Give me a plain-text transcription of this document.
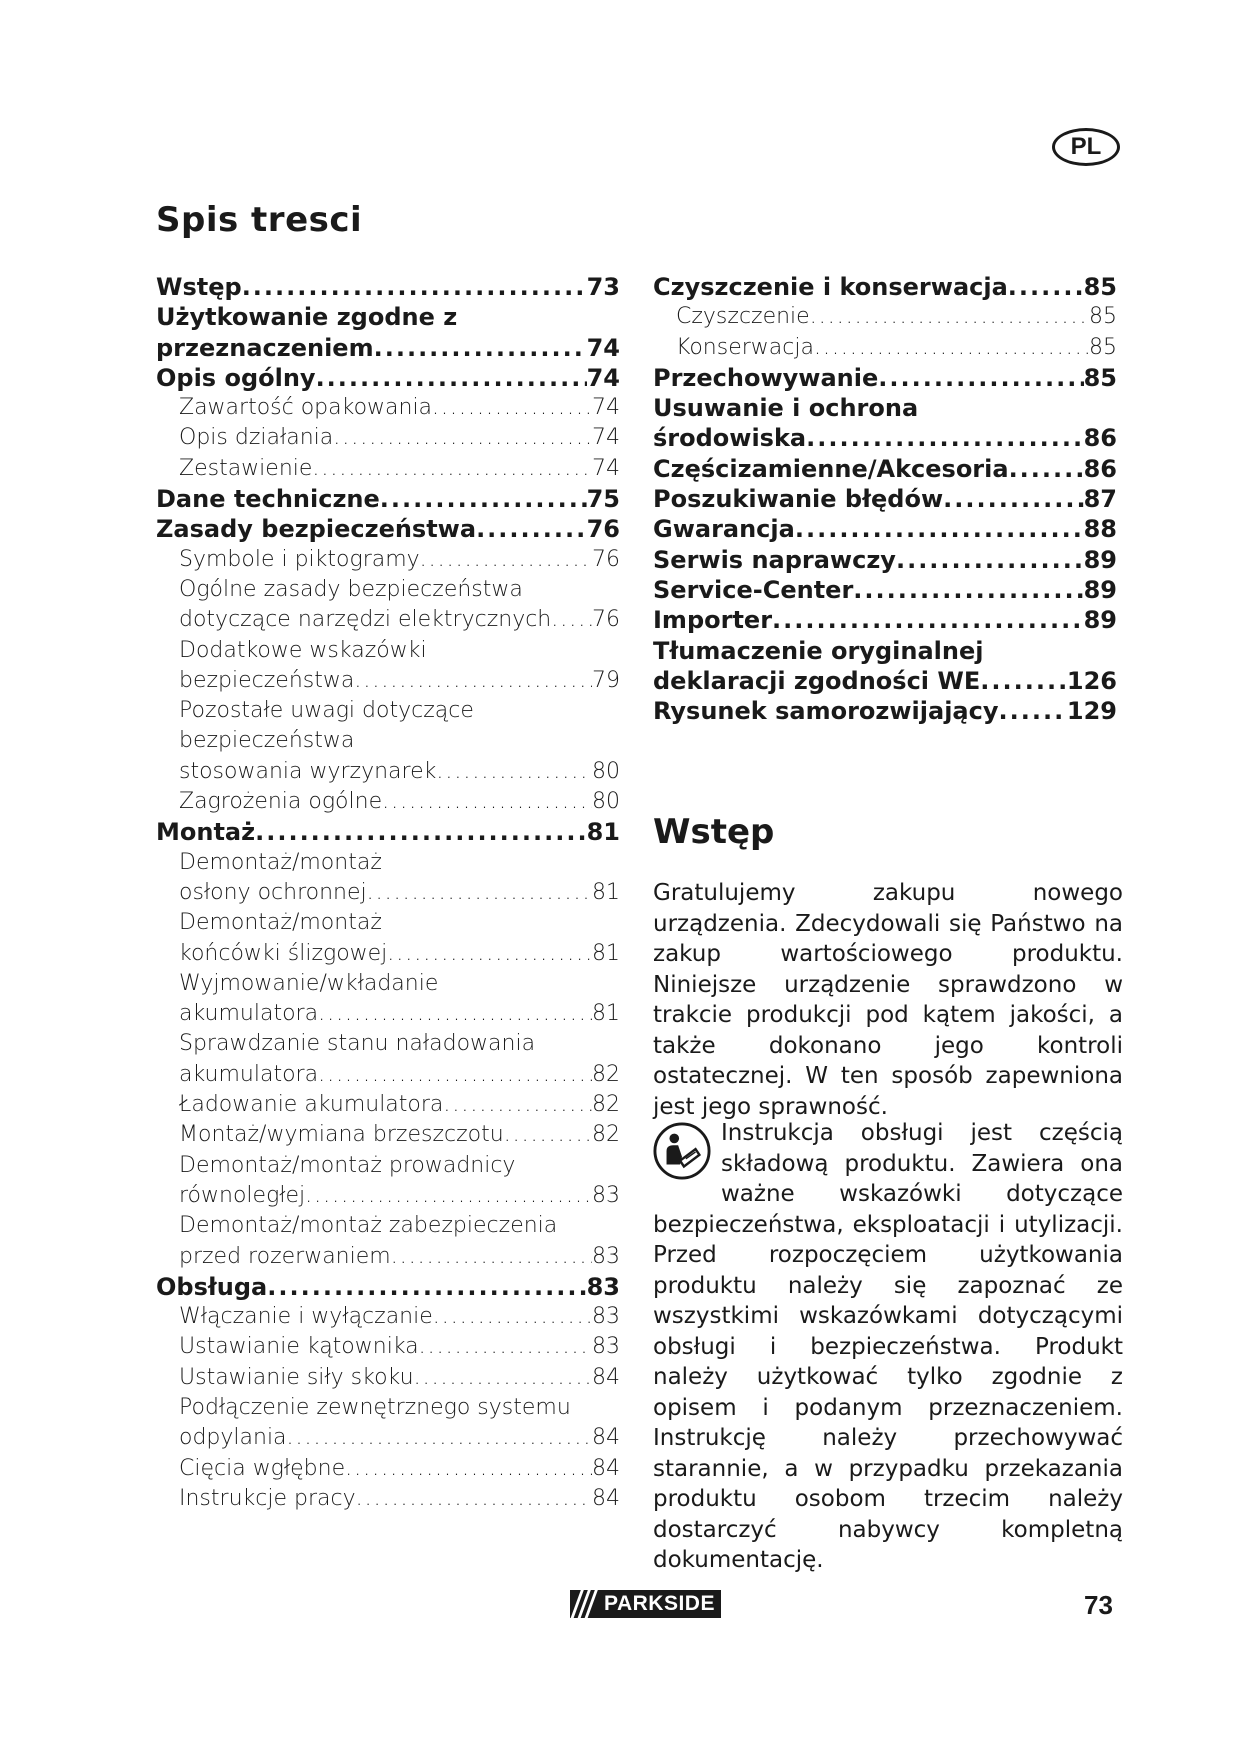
PL
Spis tresci
Wstęp .....	73
Użytkowanie zgodne z
przeznaczeniem .....	74
Opis ogólny .....	74
Zawartość opakowania .....	74
Opis działania .....	74
Zestawienie .....	74
Dane techniczne .....	75
Zasady bezpieczeństwa .....	76
Symbole i piktogramy .....	76
Ogólne zasady bezpieczeństwa
dotyczące narzędzi elektrycznych ..... 76
Dodatkowe wskazówki
bezpieczeństwa .....	79
Pozostałe uwagi dotyczące
bezpieczeństwa
stosowania wyrzynarek .....	80
Zagrożenia ogólne .....	80
Montaż .....	81
Demontaż/montaż
osłony ochronnej .....	81
Demontaż/montaż
końcówki ślizgowej .....	81
Wyjmowanie/wkładanie
akumulatora .....	81
Sprawdzanie stanu naładowania
akumulatora .....	82
Ładowanie akumulatora .....	82
Montaż/wymiana brzeszczotu .....	82
Demontaż/montaż prowadnicy
równoległej .....	83
Demontaż/montaż zabezpieczenia
przed rozerwaniem .....	83
Obsługa .....	83
Włączanie i wyłączanie .....	83
Ustawianie kątownika .....	83
Ustawianie siły skoku .....	84
Podłączenie zewnętrznego systemu
odpylania .....	84
Cięcia wgłębne .....	84
Instrukcje pracy .....	84
Czyszczenie i konserwacja .....	85
Czyszczenie .....	85
Konserwacja .....	85
Przechowywanie .....	85
Usuwanie i ochrona
środowiska .....	86
Częścizamienne/Akcesoria .....	86
Poszukiwanie błędów .....	87
Gwarancja .....	88
Serwis naprawczy .....	89
Service-Center .....	89
Importer .....	89
Tłumaczenie oryginalnej
deklaracji zgodności WE .....	126
Rysunek samorozwijający .....	129
Wstęp

Gratulujemy zakupu nowego urządzenia. Zdecydowali się Państwo na zakup wartościowego produktu. Niniejsze urządzenie sprawdzono w trakcie produkcji pod kątem jakości, a także dokonano jego kontroli ostatecznej. W ten sposób zapewniona jest jego sprawność.

Instrukcja obsługi jest częścią składową produktu. Zawiera ona ważne wskazówki dotyczące bezpieczeństwa, eksploatacji i utylizacji. Przed rozpoczęciem użytkowania produktu należy się zapoznać ze wszystkimi wskazówkami dotyczącymi obsługi i bezpieczeństwa. Produkt należy użytkować tylko zgodnie z opisem i podanym przeznaczeniem. Instrukcję należy przechowywać starannie, a w przypadku przekazania produktu osobom trzecim należy dostarczyć nabywcy kompletną dokumentację.

PARKSIDE	73
